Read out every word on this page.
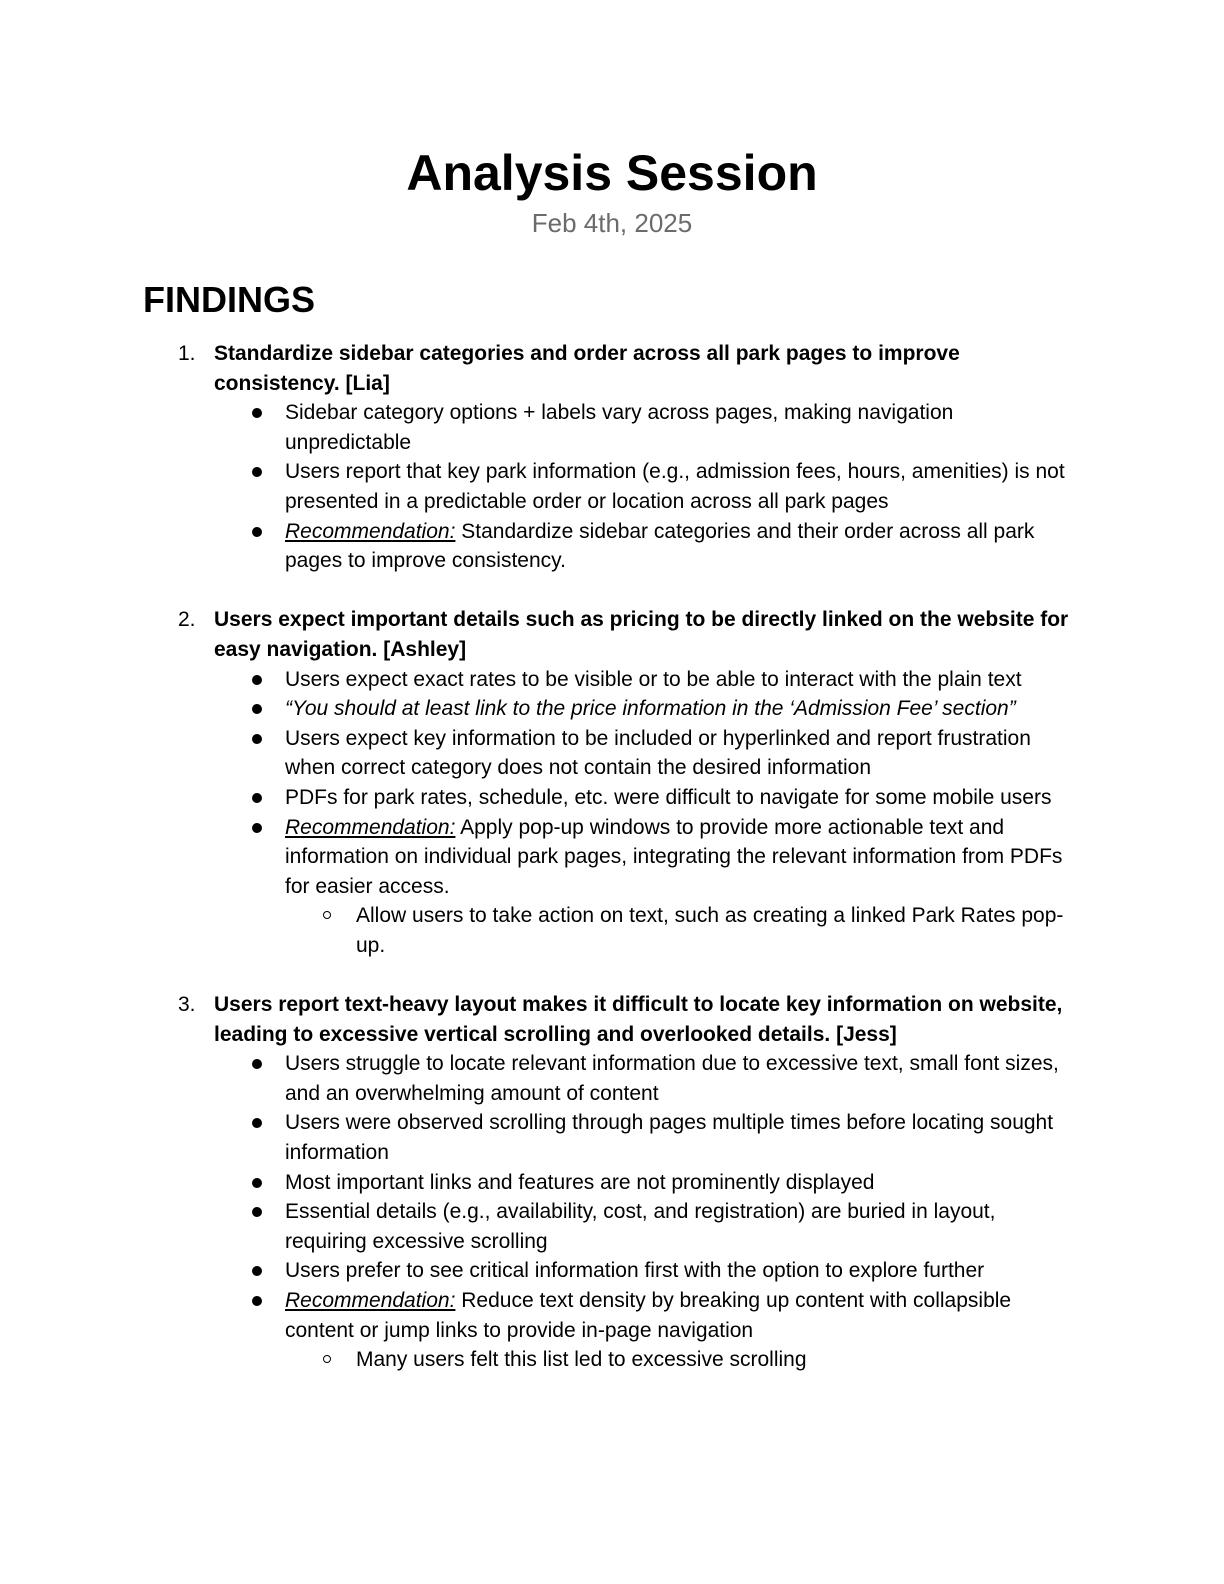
Analysis Session

Feb 4th, 2025

FINDINGS
1. Standardize sidebar categories and order across all park pages to improve consistency. [Lia]
Sidebar category options + labels vary across pages, making navigation unpredictable
Users report that key park information (e.g., admission fees, hours, amenities) is not presented in a predictable order or location across all park pages
Recommendation: Standardize sidebar categories and their order across all park pages to improve consistency.
2. Users expect important details such as pricing to be directly linked on the website for easy navigation. [Ashley]
Users expect exact rates to be visible or to be able to interact with the plain text
“You should at least link to the price information in the ‘Admission Fee’ section”
Users expect key information to be included or hyperlinked and report frustration when correct category does not contain the desired information
PDFs for park rates, schedule, etc. were difficult to navigate for some mobile users
Recommendation: Apply pop-up windows to provide more actionable text and information on individual park pages, integrating the relevant information from PDFs for easier access.
Allow users to take action on text, such as creating a linked Park Rates pop-up.
3. Users report text-heavy layout makes it difficult to locate key information on website, leading to excessive vertical scrolling and overlooked details. [Jess]
Users struggle to locate relevant information due to excessive text, small font sizes, and an overwhelming amount of content
Users were observed scrolling through pages multiple times before locating sought information
Most important links and features are not prominently displayed
Essential details (e.g., availability, cost, and registration) are buried in layout, requiring excessive scrolling
Users prefer to see critical information first with the option to explore further
Recommendation: Reduce text density by breaking up content with collapsible content or jump links to provide in-page navigation
Many users felt this list led to excessive scrolling
